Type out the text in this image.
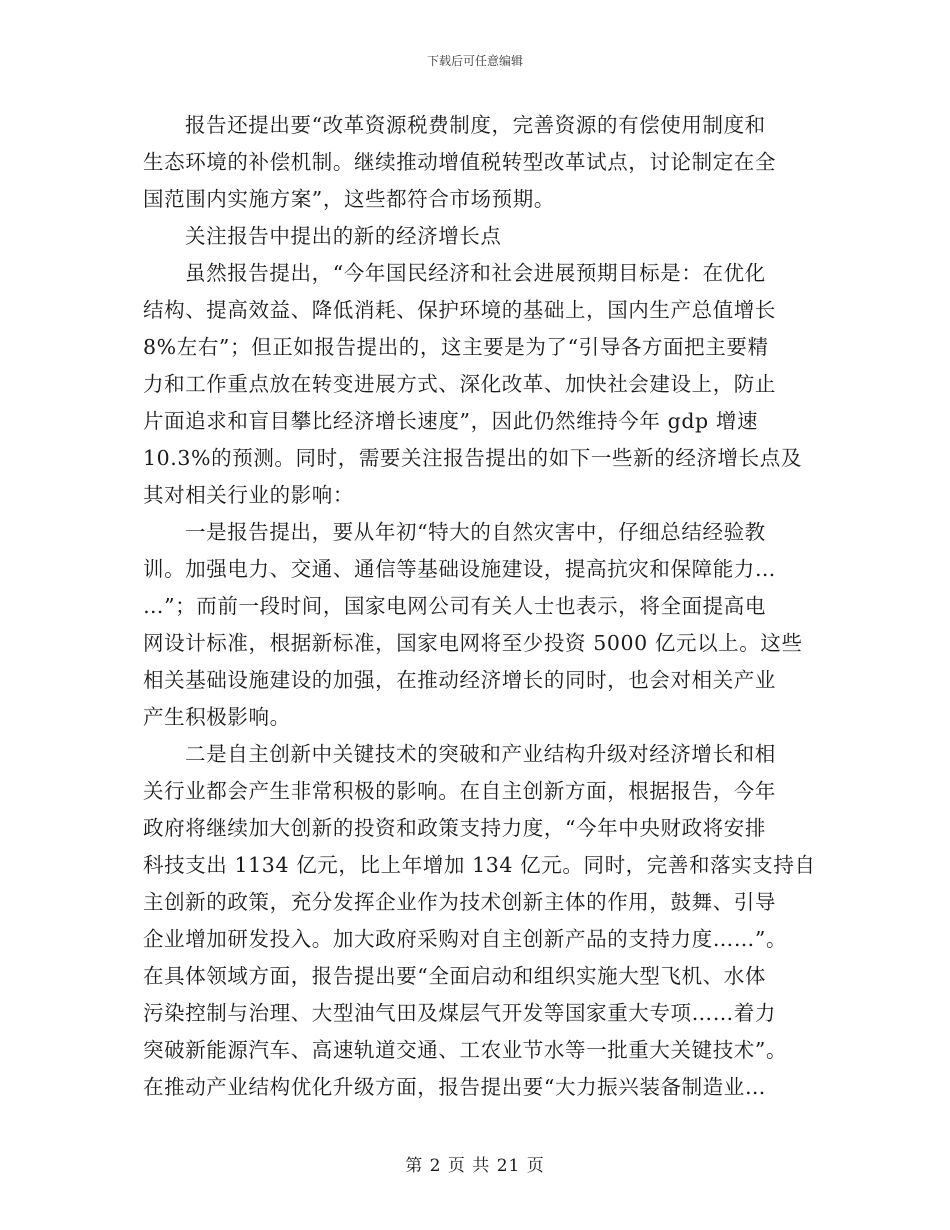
下载后可任意编辑
报告还提出要“改革资源税费制度，完善资源的有偿使用制度和
生态环境的补偿机制。继续推动增值税转型改革试点，讨论制定在全
国范围内实施方案”，这些都符合市场预期。
关注报告中提出的新的经济增长点
虽然报告提出，“今年国民经济和社会进展预期目标是：在优化
结构、提高效益、降低消耗、保护环境的基础上，国内生产总值增长
8%左右”；但正如报告提出的，这主要是为了“引导各方面把主要精
力和工作重点放在转变进展方式、深化改革、加快社会建设上，防止
片面追求和盲目攀比经济增长速度”，因此仍然维持今年 gdp 增速
10.3%的预测。同时，需要关注报告提出的如下一些新的经济增长点及
其对相关行业的影响：
一是报告提出，要从年初“特大的自然灾害中，仔细总结经验教
训。加强电力、交通、通信等基础设施建设，提高抗灾和保障能力…
…”；而前一段时间，国家电网公司有关人士也表示，将全面提高电
网设计标准，根据新标准，国家电网将至少投资 5000 亿元以上。这些
相关基础设施建设的加强，在推动经济增长的同时，也会对相关产业
产生积极影响。
二是自主创新中关键技术的突破和产业结构升级对经济增长和相
关行业都会产生非常积极的影响。在自主创新方面，根据报告，今年
政府将继续加大创新的投资和政策支持力度，“今年中央财政将安排
科技支出 1134 亿元，比上年增加 134 亿元。同时，完善和落实支持自
主创新的政策，充分发挥企业作为技术创新主体的作用，鼓舞、引导
企业增加研发投入。加大政府采购对自主创新产品的支持力度……”。
在具体领域方面，报告提出要“全面启动和组织实施大型飞机、水体
污染控制与治理、大型油气田及煤层气开发等国家重大专项……着力
突破新能源汽车、高速轨道交通、工农业节水等一批重大关键技术”。
在推动产业结构优化升级方面，报告提出要“大力振兴装备制造业…
第 2 页 共 21 页
